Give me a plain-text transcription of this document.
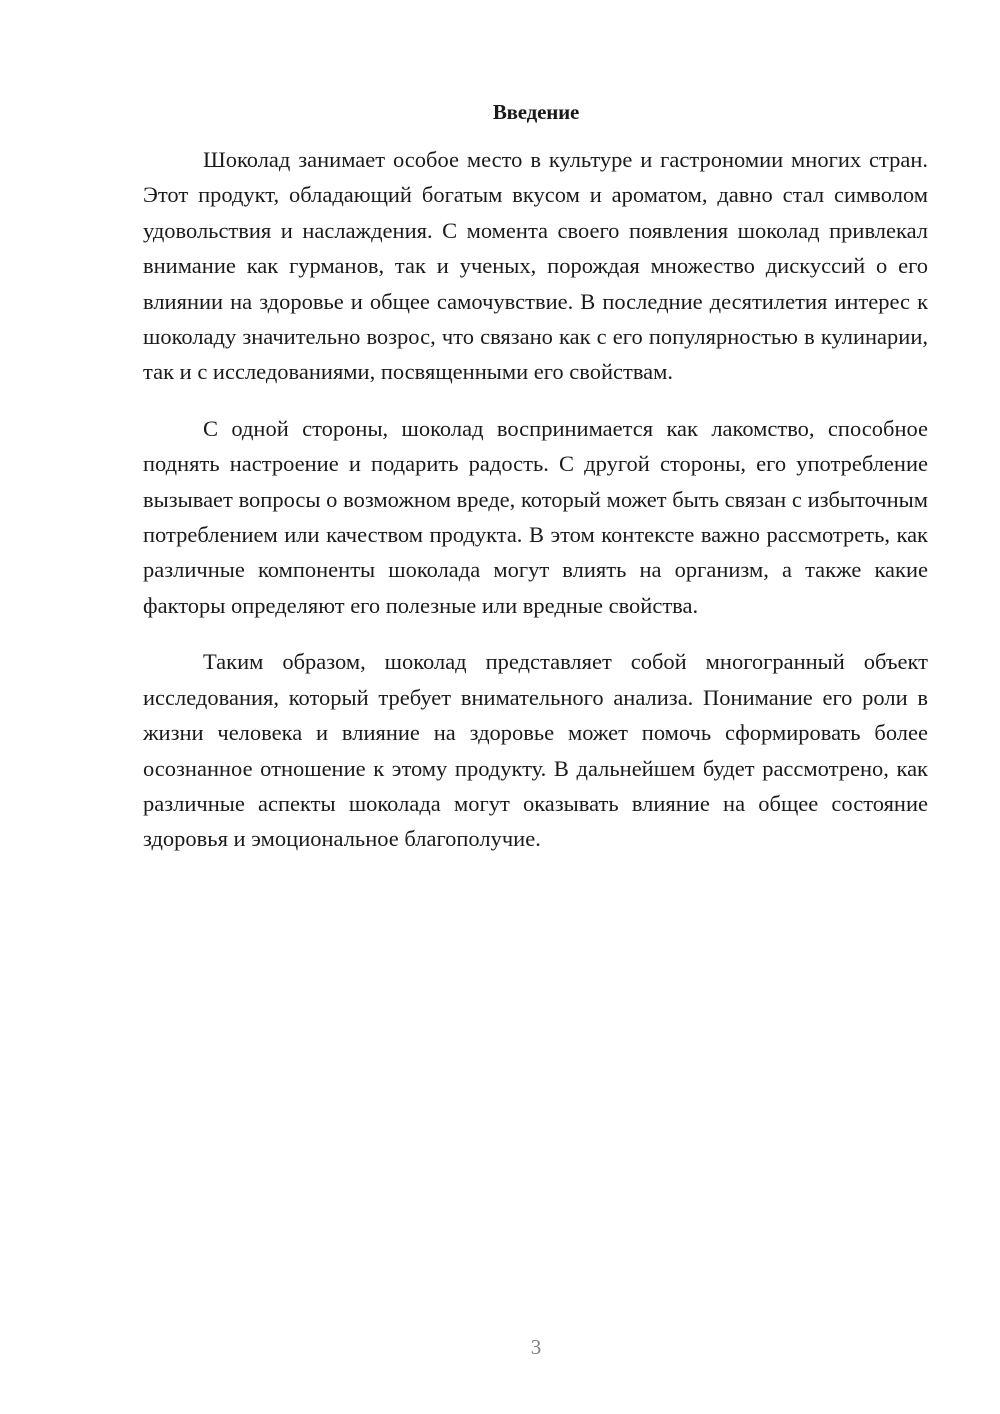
Введение

Шоколад занимает особое место в культуре и гастрономии многих стран. Этот продукт, обладающий богатым вкусом и ароматом, давно стал символом удовольствия и наслаждения. С момента своего появления шоколад привлекал внимание как гурманов, так и ученых, порождая множество дискуссий о его влиянии на здоровье и общее самочувствие. В последние десятилетия интерес к шоколаду значительно возрос, что связано как с его популярностью в кулинарии, так и с исследованиями, посвященными его свойствам.

С одной стороны, шоколад воспринимается как лакомство, способное поднять настроение и подарить радость. С другой стороны, его употребление вызывает вопросы о возможном вреде, который может быть связан с избыточным потреблением или качеством продукта. В этом контексте важно рассмотреть, как различные компоненты шоколада могут влиять на организм, а также какие факторы определяют его полезные или вредные свойства.

Таким образом, шоколад представляет собой многогранный объект исследования, который требует внимательного анализа. Понимание его роли в жизни человека и влияние на здоровье может помочь сформировать более осознанное отношение к этому продукту. В дальнейшем будет рассмотрено, как различные аспекты шоколада могут оказывать влияние на общее состояние здоровья и эмоциональное благополучие.

3
